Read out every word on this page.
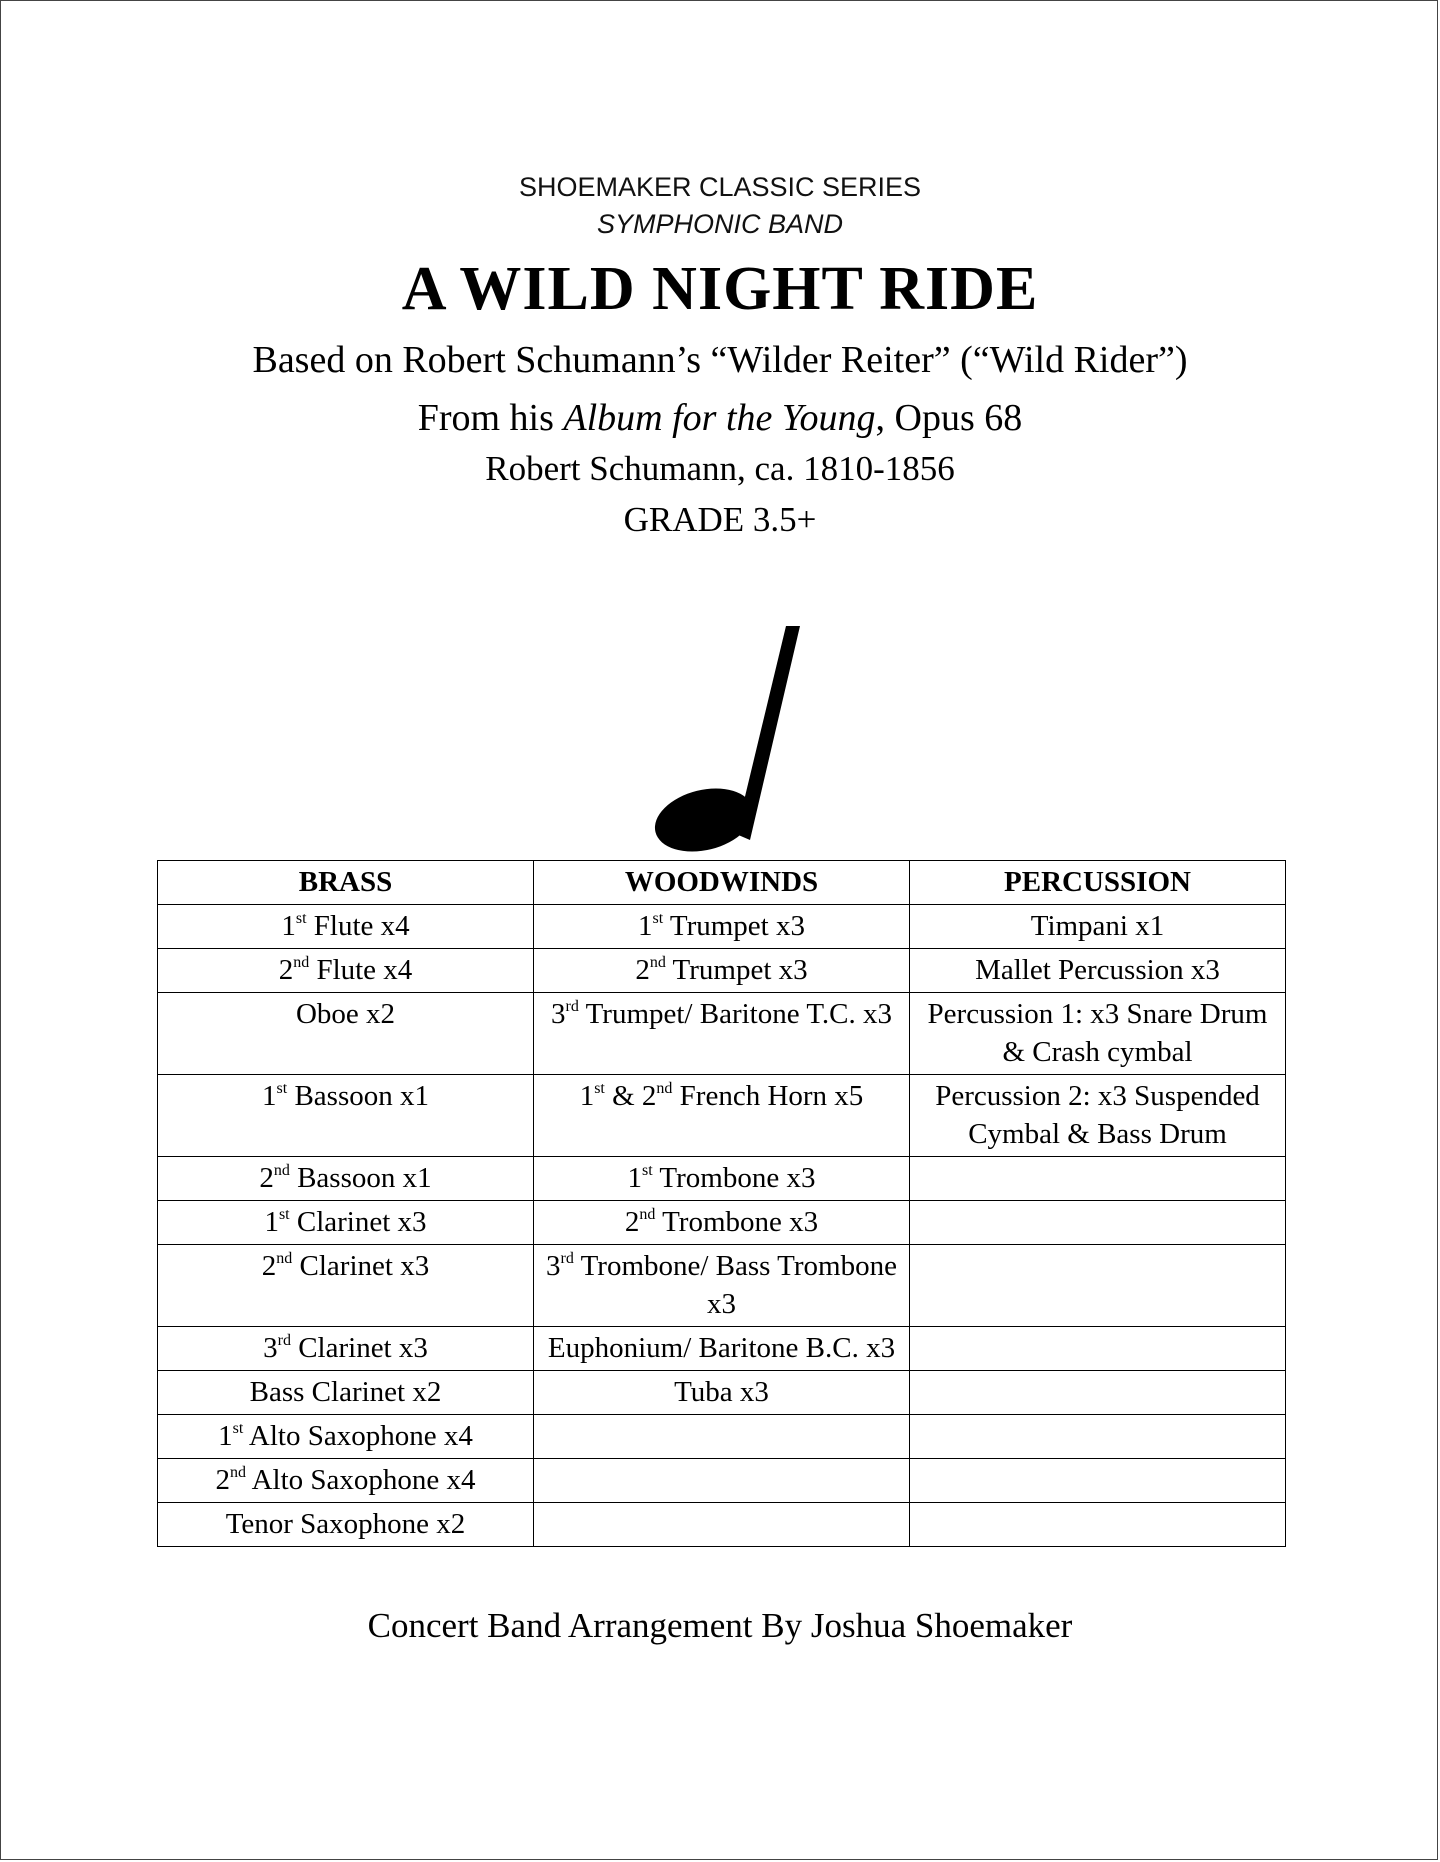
SHOEMAKER CLASSIC SERIES
SYMPHONIC BAND
A WILD NIGHT RIDE
Based on Robert Schumann’s “Wilder Reiter” (“Wild Rider”)
From his Album for the Young, Opus 68
Robert Schumann, ca. 1810-1856
GRADE 3.5+
BRASS	WOODWINDS	PERCUSSION
1st Flute x4	1st Trumpet x3	Timpani x1
2nd Flute x4	2nd Trumpet x3	Mallet Percussion x3
Oboe x2	3rd Trumpet/ Baritone T.C. x3	Percussion 1: x3 Snare Drum & Crash cymbal
1st Bassoon x1	1st & 2nd French Horn x5	Percussion 2: x3 Suspended Cymbal & Bass Drum
2nd Bassoon x1	1st Trombone x3	
1st Clarinet x3	2nd Trombone x3	
2nd Clarinet x3	3rd Trombone/ Bass Trombone x3	
3rd Clarinet x3	Euphonium/ Baritone B.C. x3	
Bass Clarinet x2	Tuba x3	
1st Alto Saxophone x4		
2nd Alto Saxophone x4		
Tenor Saxophone x2		
Concert Band Arrangement By Joshua Shoemaker
